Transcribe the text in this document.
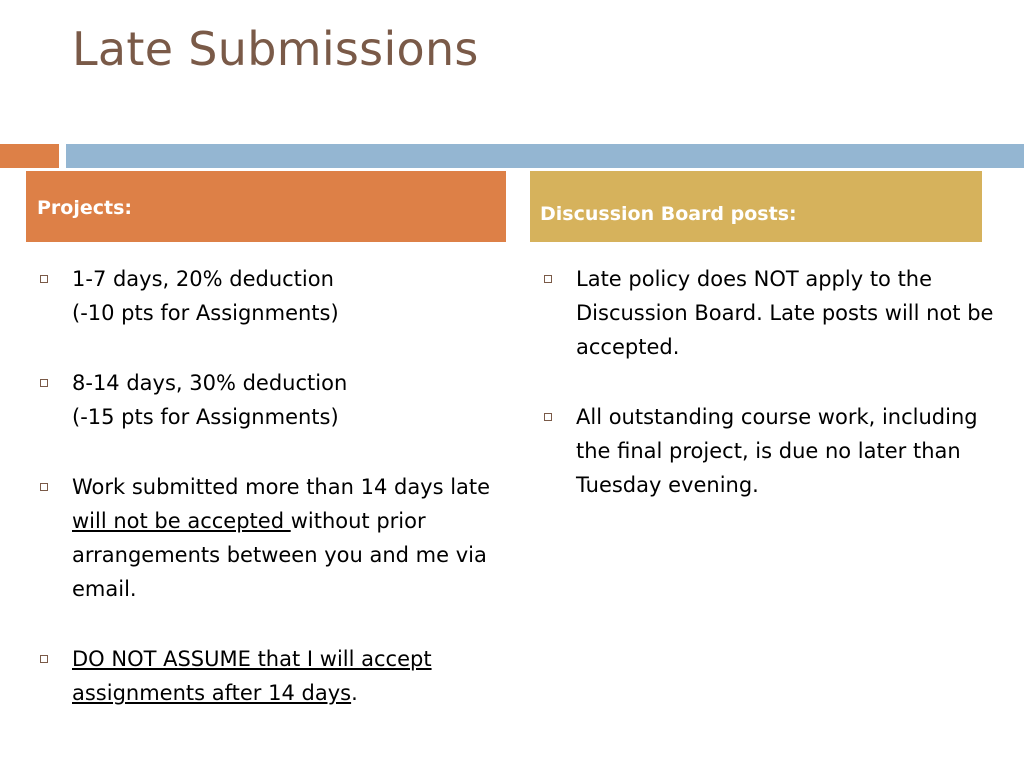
Late Submissions
Projects:	Discussion Board posts:
1-7 days, 20% deduction
(-10 pts for Assignments)
8-14 days, 30% deduction
(-15 pts for Assignments)
Work submitted more than 14 days late will not be accepted without prior arrangements between you and me via email.
DO NOT ASSUME that I will accept assignments after 14 days.
Late policy does NOT apply to the Discussion Board. Late posts will not be accepted.
All outstanding course work, including the final project, is due no later than Tuesday evening.
